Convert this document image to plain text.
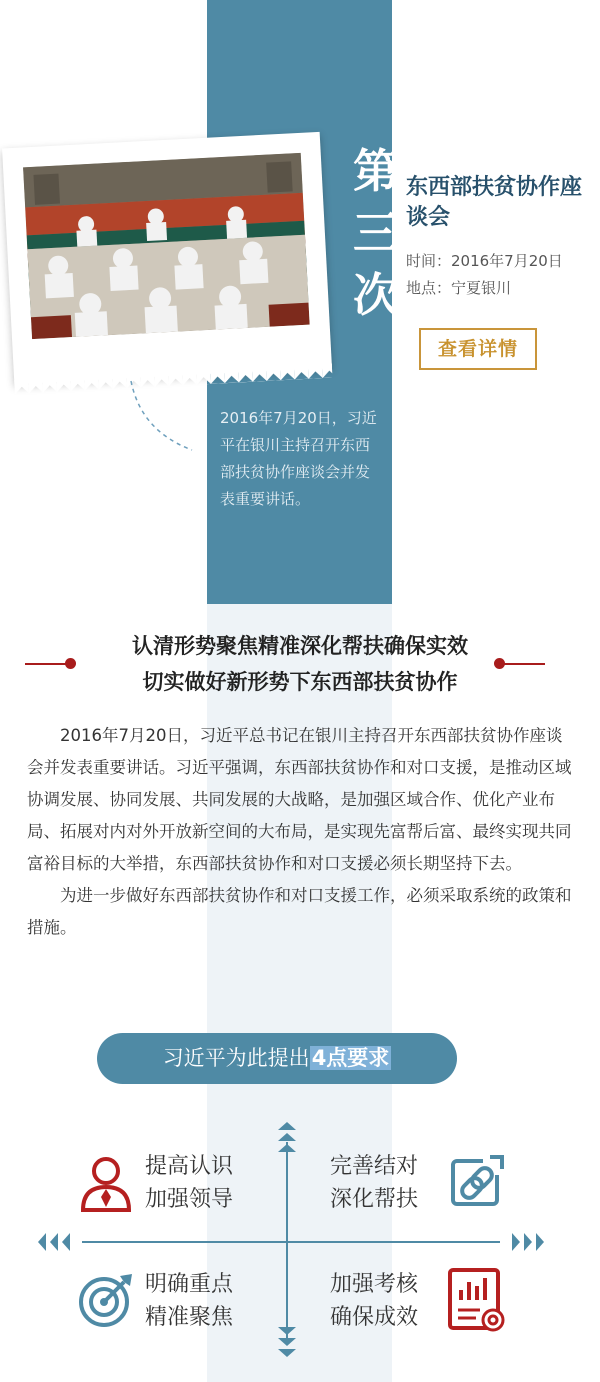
第
三
次
东西部扶贫协作座谈会
时间：2016年7月20日
地点：宁夏银川
查看详情
2016年7月20日，习近平在银川主持召开东西部扶贫协作座谈会并发表重要讲话。
认清形势聚焦精准深化帮扶确保实效
切实做好新形势下东西部扶贫协作

2016年7月20日，习近平总书记在银川主持召开东西部扶贫协作座谈会并发表重要讲话。习近平强调，东西部扶贫协作和对口支援，是推动区域协调发展、协同发展、共同发展的大战略，是加强区域合作、优化产业布局、拓展对内对外开放新空间的大布局，是实现先富帮后富、最终实现共同富裕目标的大举措，东西部扶贫协作和对口支援必须长期坚持下去。

为进一步做好东西部扶贫协作和对口支援工作，必须采取系统的政策和措施。

习近平为此提出4点要求
提高认识
加强领导
完善结对
深化帮扶
明确重点
精准聚焦
加强考核
确保成效
